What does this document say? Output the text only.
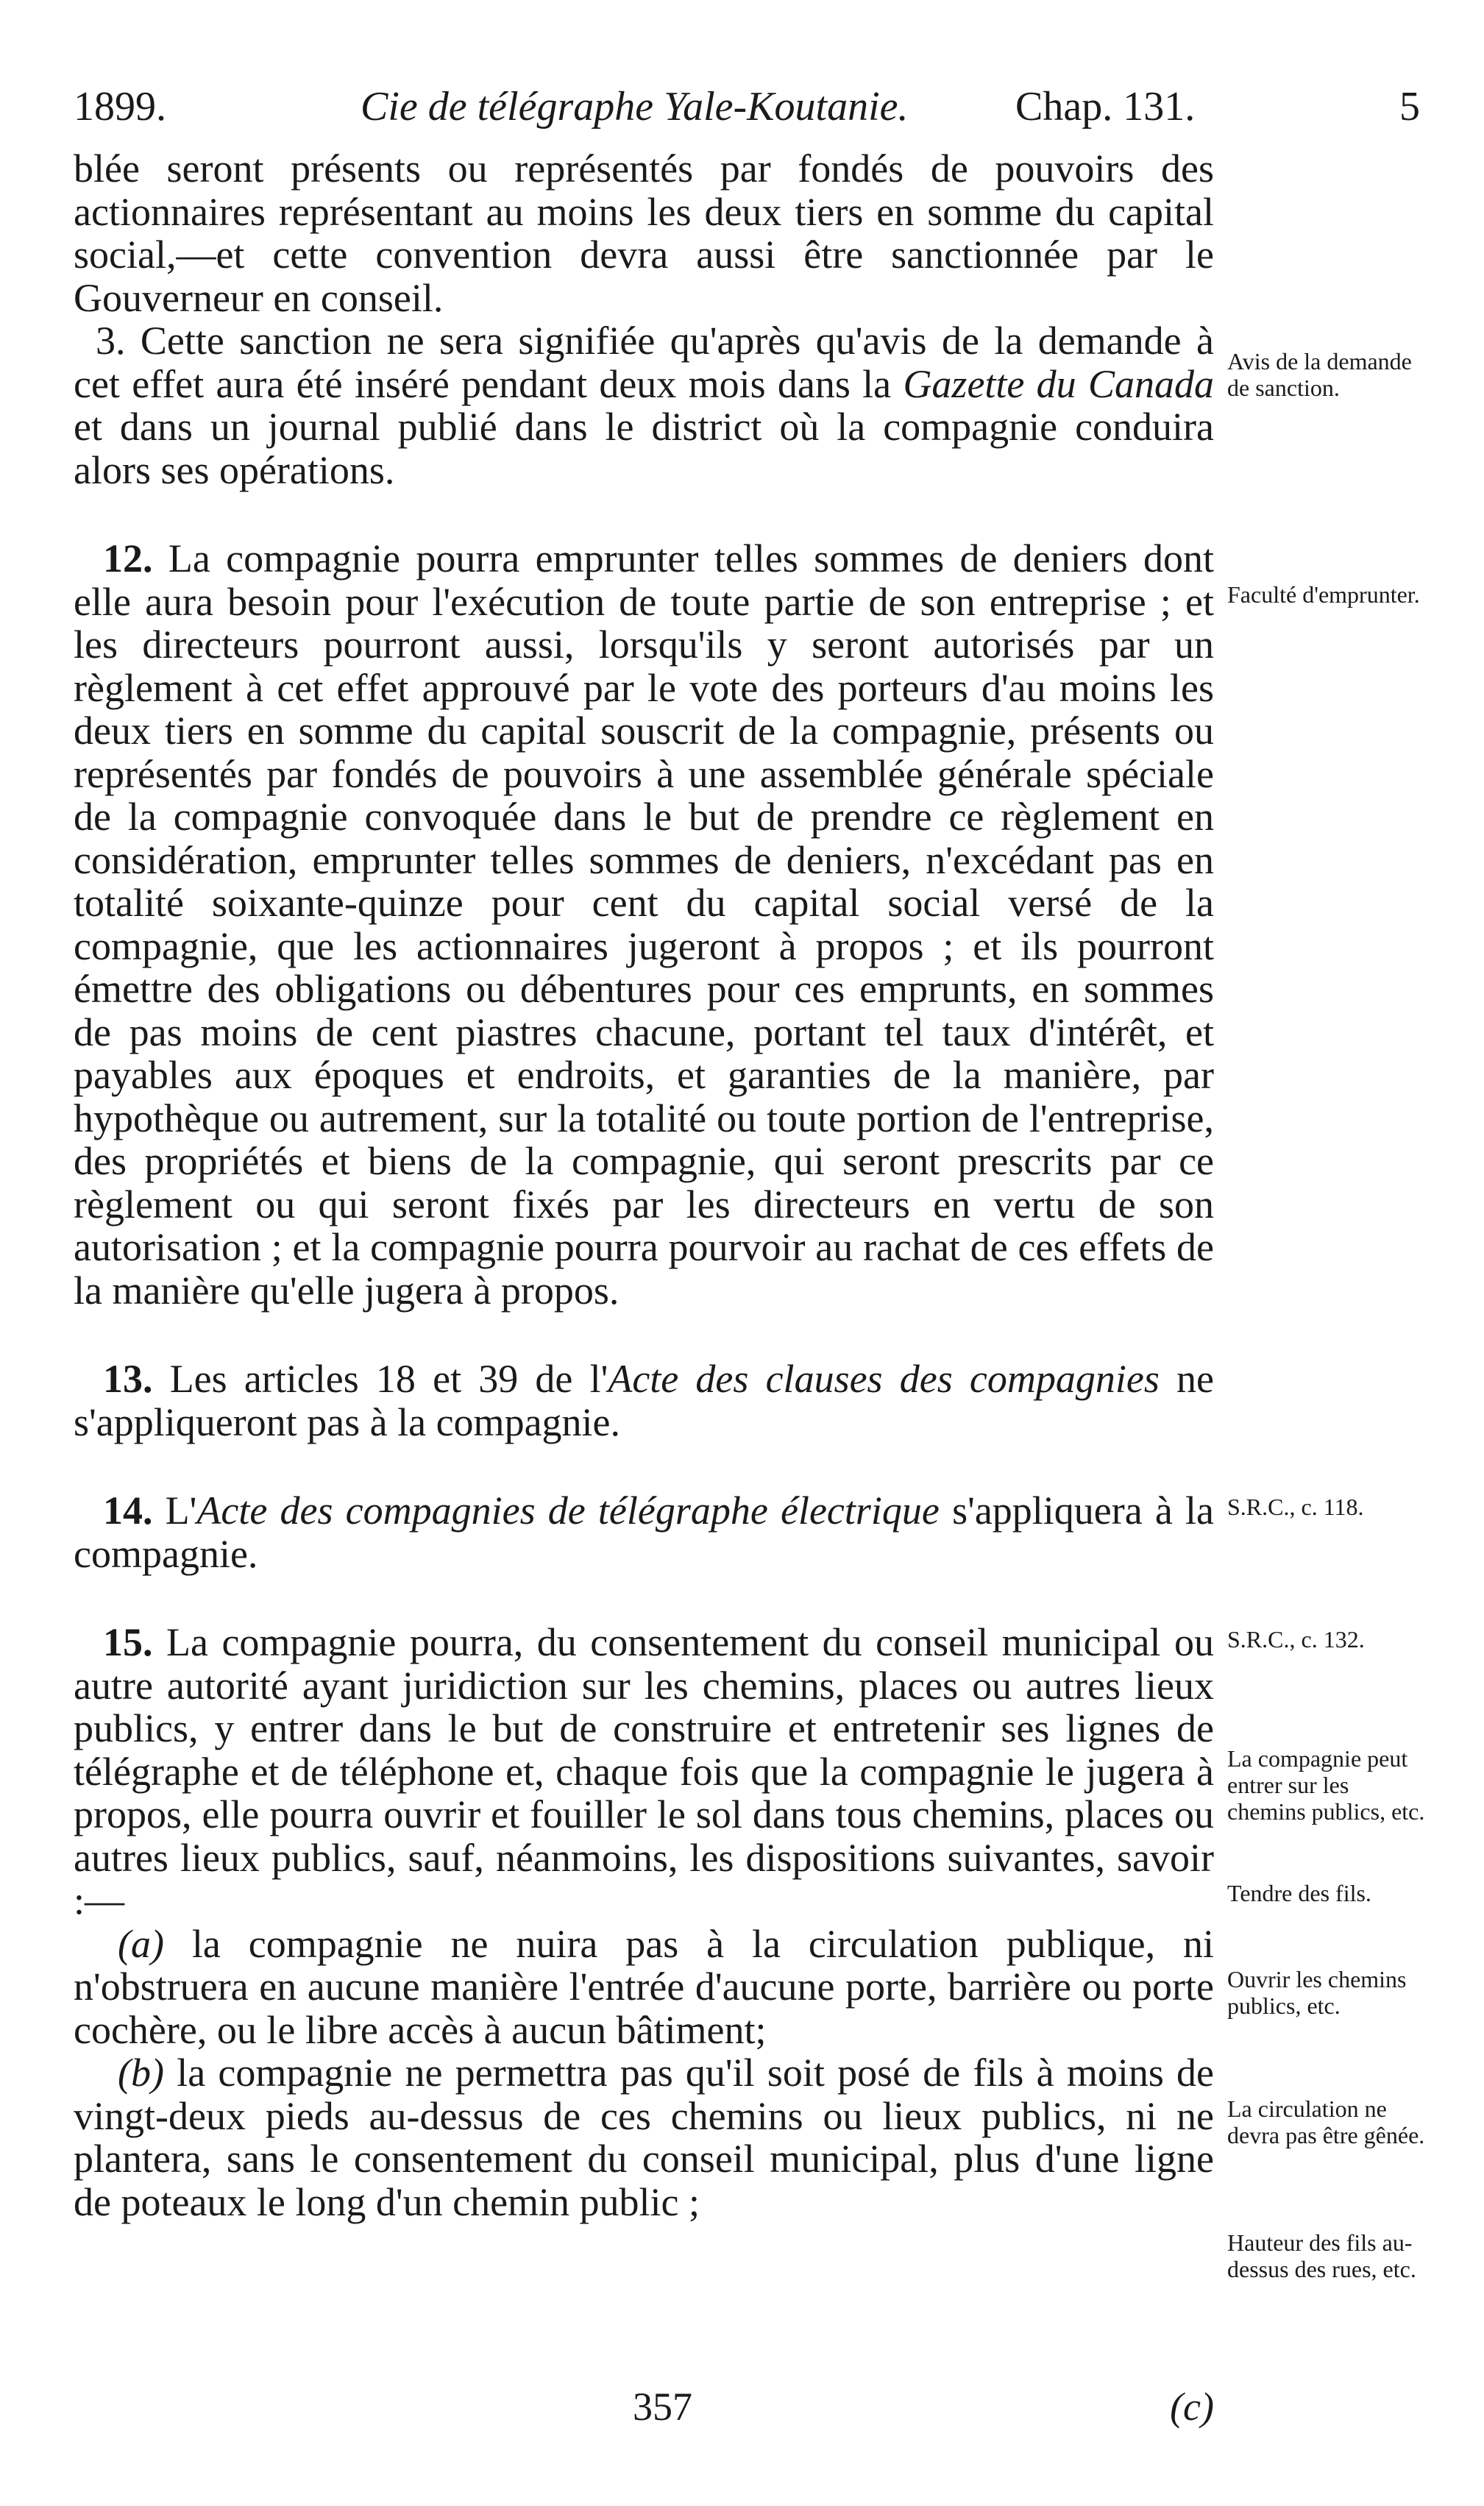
1899.	Cie de télégraphe Yale-Koutanie.	Chap. 131.	5

blée seront présents ou représentés par fondés de pouvoirs des actionnaires représentant au moins les deux tiers en somme du capital social,—et cette convention devra aussi être sanctionnée par le Gouverneur en conseil.

3. Cette sanction ne sera signifiée qu'après qu'avis de la demande à cet effet aura été inséré pendant deux mois dans la Gazette du Canada et dans un journal publié dans le district où la compagnie conduira alors ses opérations.

12. La compagnie pourra emprunter telles sommes de deniers dont elle aura besoin pour l'exécution de toute partie de son entreprise ; et les directeurs pourront aussi, lorsqu'ils y seront autorisés par un règlement à cet effet approuvé par le vote des porteurs d'au moins les deux tiers en somme du capital souscrit de la compagnie, présents ou représentés par fondés de pouvoirs à une assemblée générale spéciale de la compagnie convoquée dans le but de prendre ce règlement en considération, emprunter telles sommes de deniers, n'excédant pas en totalité soixante-quinze pour cent du capital social versé de la compagnie, que les actionnaires jugeront à propos ; et ils pourront émettre des obligations ou débentures pour ces emprunts, en sommes de pas moins de cent piastres chacune, portant tel taux d'intérêt, et payables aux époques et endroits, et garanties de la manière, par hypothèque ou autrement, sur la totalité ou toute portion de l'entreprise, des propriétés et biens de la compagnie, qui seront prescrits par ce règlement ou qui seront fixés par les directeurs en vertu de son autorisation ; et la compagnie pourra pourvoir au rachat de ces effets de la manière qu'elle jugera à propos.

13. Les articles 18 et 39 de l'Acte des clauses des compagnies ne s'appliqueront pas à la compagnie.

14. L'Acte des compagnies de télégraphe électrique s'appliquera à la compagnie.

15. La compagnie pourra, du consentement du conseil municipal ou autre autorité ayant juridiction sur les chemins, places ou autres lieux publics, y entrer dans le but de construire et entretenir ses lignes de télégraphe et de téléphone et, chaque fois que la compagnie le jugera à propos, elle pourra ouvrir et fouiller le sol dans tous chemins, places ou autres lieux publics, sauf, néanmoins, les dispositions suivantes, savoir :—

(a) la compagnie ne nuira pas à la circulation publique, ni n'obstruera en aucune manière l'entrée d'aucune porte, barrière ou porte cochère, ou le libre accès à aucun bâtiment;

(b) la compagnie ne permettra pas qu'il soit posé de fils à moins de vingt-deux pieds au-dessus de ces chemins ou lieux publics, ni ne plantera, sans le consentement du conseil municipal, plus d'une ligne de poteaux le long d'un chemin public ;

Avis de la demande de sanction.
Faculté d'emprunter.
S.R.C., c. 118.
S.R.C., c. 132.
La compagnie peut entrer sur les chemins publics, etc.
Tendre des fils.
Ouvrir les chemins publics, etc.
La circulation ne devra pas être gênée.
Hauteur des fils au-dessus des rues, etc.
357	(c)
